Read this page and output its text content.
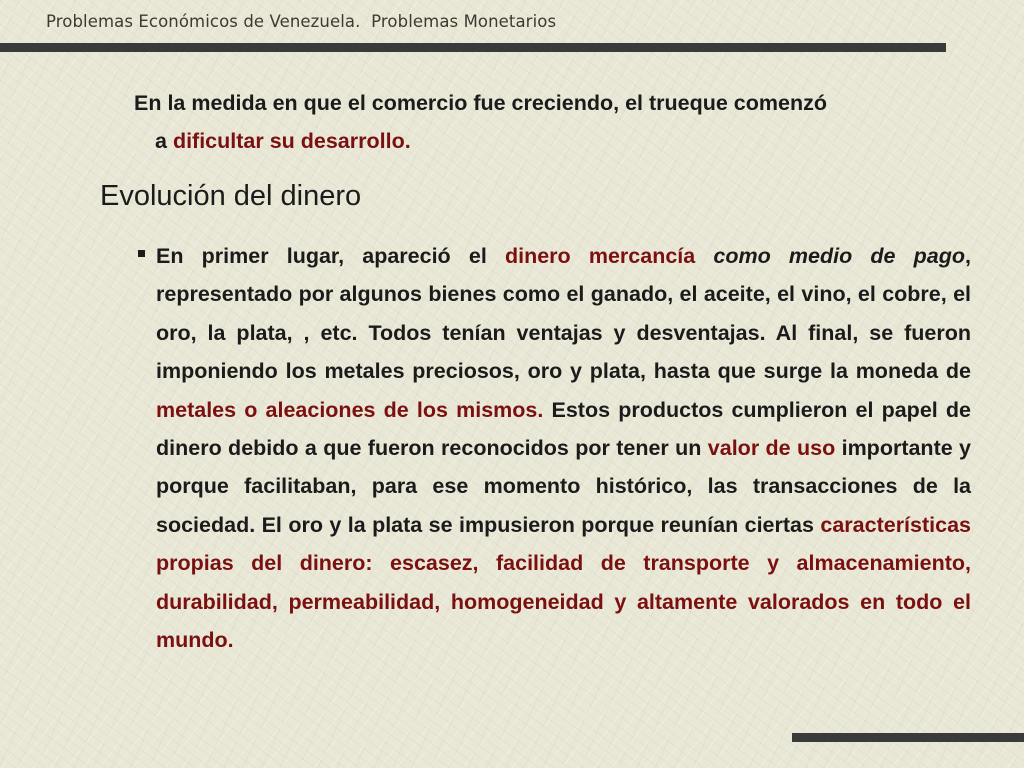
Problemas Económicos de Venezuela.  Problemas Monetarios
En la medida en que el comercio fue creciendo, el trueque comenzó
a dificultar su desarrollo.
Evolución del dinero
En primer lugar, apareció el dinero mercancía como medio de pago, representado por algunos bienes como el ganado, el aceite, el vino, el cobre, el oro, la plata, , etc. Todos tenían ventajas y desventajas. Al final, se fueron imponiendo los metales preciosos, oro y plata, hasta que surge la moneda de metales o aleaciones de los mismos. Estos productos cumplieron el papel de dinero debido a que fueron reconocidos por tener un valor de uso importante y porque facilitaban, para ese momento histórico, las transacciones de la sociedad. El oro y la plata se impusieron porque reunían ciertas características propias del dinero: escasez, facilidad de transporte y almacenamiento, durabilidad, permeabilidad, homogeneidad y altamente valorados en todo el mundo.
